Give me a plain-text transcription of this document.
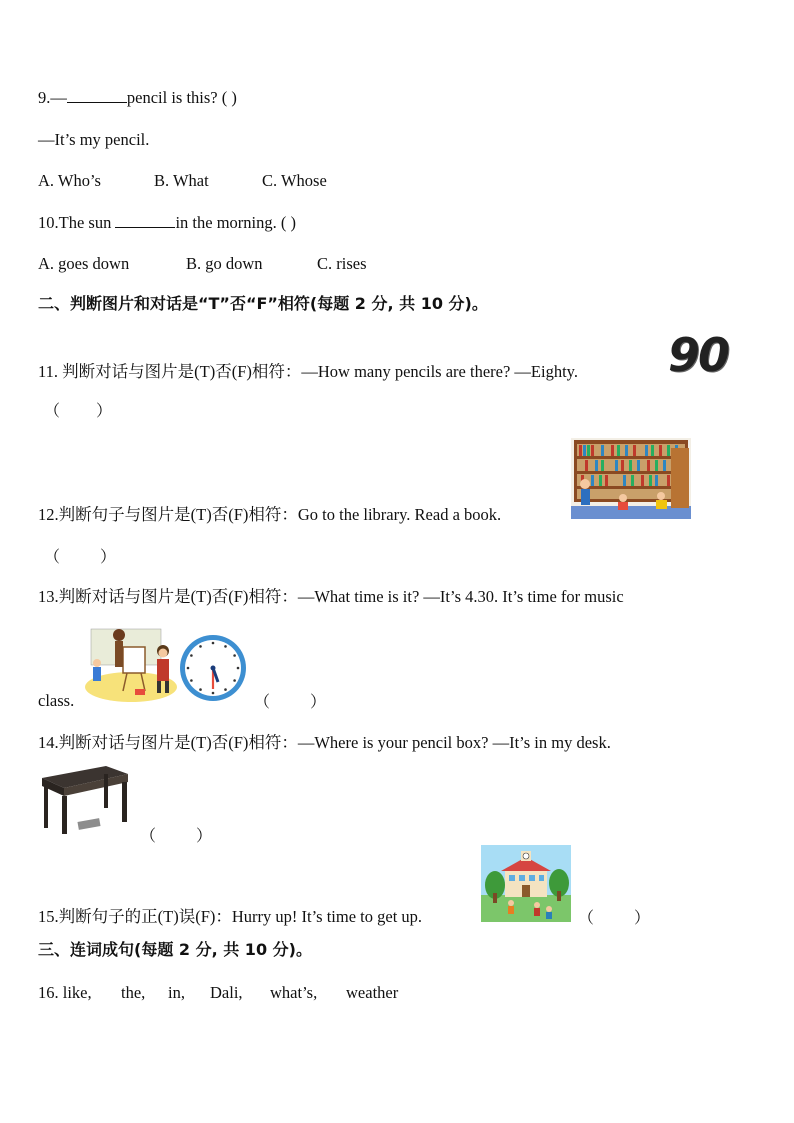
9.—	pencil is this? ( )
—It’s my pencil.
A. Who’s	B. What	C. Whose
10.The sun	in the morning. ( )
A. goes down	B. go down	C. rises
二、判断图片和对话是“T”否“F”相符(每题 2 分, 共 10 分)。
11. 判断对话与图片是(T)否(F)相符：—How many pencils are there? —Eighty. 90
（         ）
12.判断句子与图片是(T)否(F)相符：Go to the library. Read a book.
（          ）
13.判断对话与图片是(T)否(F)相符：—What time is it? —It’s 4.30. It’s time for music
class.	（          ）
14.判断对话与图片是(T)否(F)相符：—Where is your pencil box? —It’s in my desk.
（          ）
15.判断句子的正(T)误(F)：Hurry up! It’s time to get up.	（          ）
三、连词成句(每题 2 分, 共 10 分)。
16. like, the, in, Dali, what’s, weather
